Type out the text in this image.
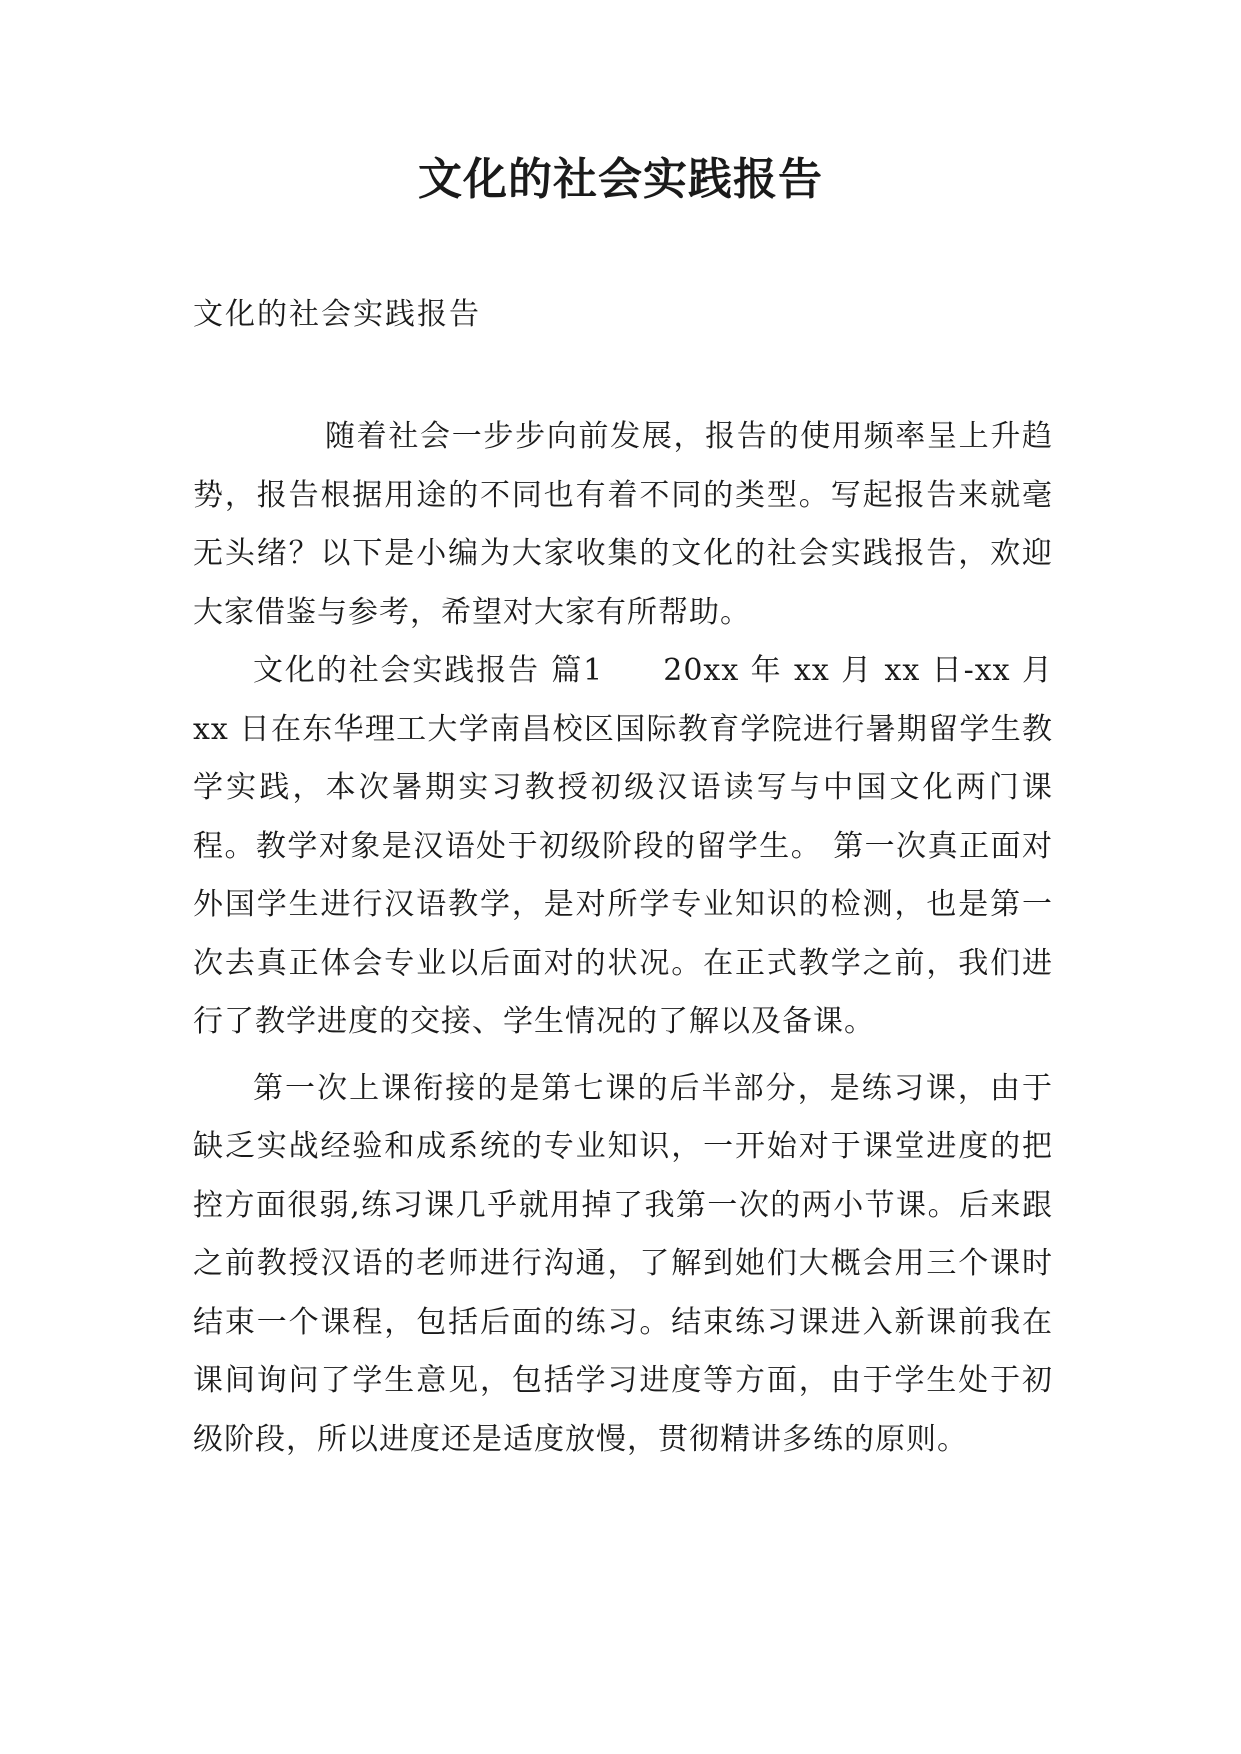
文化的社会实践报告
文化的社会实践报告

随着社会一步步向前发展，报告的使用频率呈上升趋势，报告根据用途的不同也有着不同的类型。写起报告来就毫无头绪？以下是小编为大家收集的文化的社会实践报告，欢迎大家借鉴与参考，希望对大家有所帮助。

文化的社会实践报告 篇1 20xx 年 xx 月 xx 日-xx 月 xx 日在东华理工大学南昌校区国际教育学院进行暑期留学生教学实践，本次暑期实习教授初级汉语读写与中国文化两门课程。教学对象是汉语处于初级阶段的留学生。 第一次真正面对外国学生进行汉语教学，是对所学专业知识的检测，也是第一次去真正体会专业以后面对的状况。在正式教学之前，我们进行了教学进度的交接、学生情况的了解以及备课。

第一次上课衔接的是第七课的后半部分，是练习课，由于缺乏实战经验和成系统的专业知识，一开始对于课堂进度的把控方面很弱,练习课几乎就用掉了我第一次的两小节课。后来跟之前教授汉语的老师进行沟通，了解到她们大概会用三个课时结束一个课程，包括后面的练习。结束练习课进入新课前我在课间询问了学生意见，包括学习进度等方面，由于学生处于初级阶段，所以进度还是适度放慢，贯彻精讲多练的原则。
